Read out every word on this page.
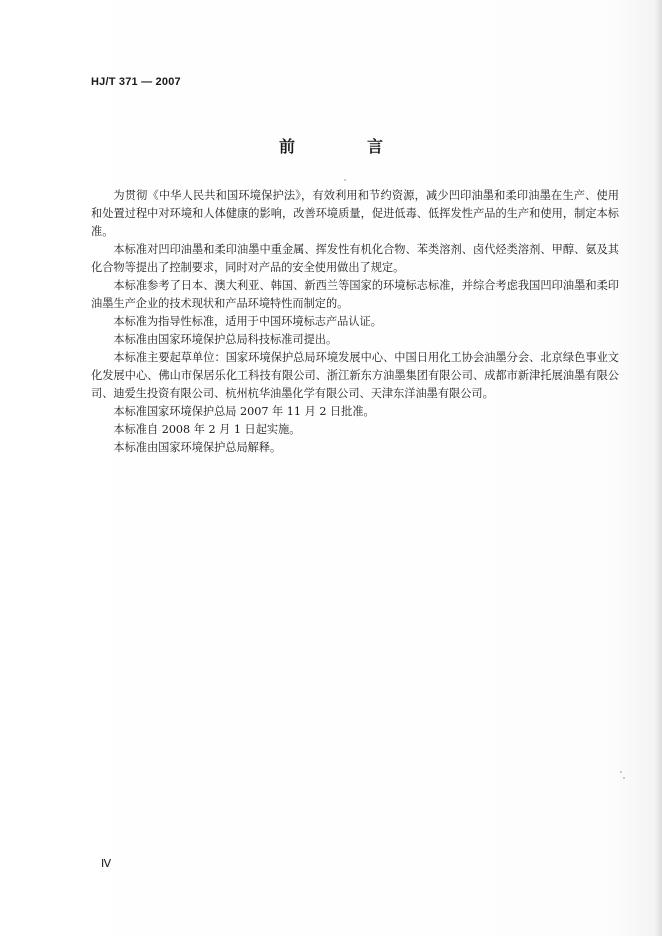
HJ/T 371 — 2007
前　言

为贯彻《中华人民共和国环境保护法》，有效利用和节约资源，减少凹印油墨和柔印油墨在生产、使用和处置过程中对环境和人体健康的影响，改善环境质量，促进低毒、低挥发性产品的生产和使用，制定本标准。

本标准对凹印油墨和柔印油墨中重金属、挥发性有机化合物、苯类溶剂、卤代烃类溶剂、甲醇、氨及其化合物等提出了控制要求，同时对产品的安全使用做出了规定。

本标准参考了日本、澳大利亚、韩国、新西兰等国家的环境标志标准，并综合考虑我国凹印油墨和柔印油墨生产企业的技术现状和产品环境特性而制定的。

本标准为指导性标准，适用于中国环境标志产品认证。

本标准由国家环境保护总局科技标准司提出。

本标准主要起草单位：国家环境保护总局环境发展中心、中国日用化工协会油墨分会、北京绿色事业文化发展中心、佛山市保居乐化工科技有限公司、浙江新东方油墨集团有限公司、成都市新津托展油墨有限公司、迪爱生投资有限公司、杭州杭华油墨化学有限公司、天津东洋油墨有限公司。

本标准国家环境保护总局 2007 年 11 月 2 日批准。

本标准自 2008 年 2 月 1 日起实施。

本标准由国家环境保护总局解释。

Ⅳ
